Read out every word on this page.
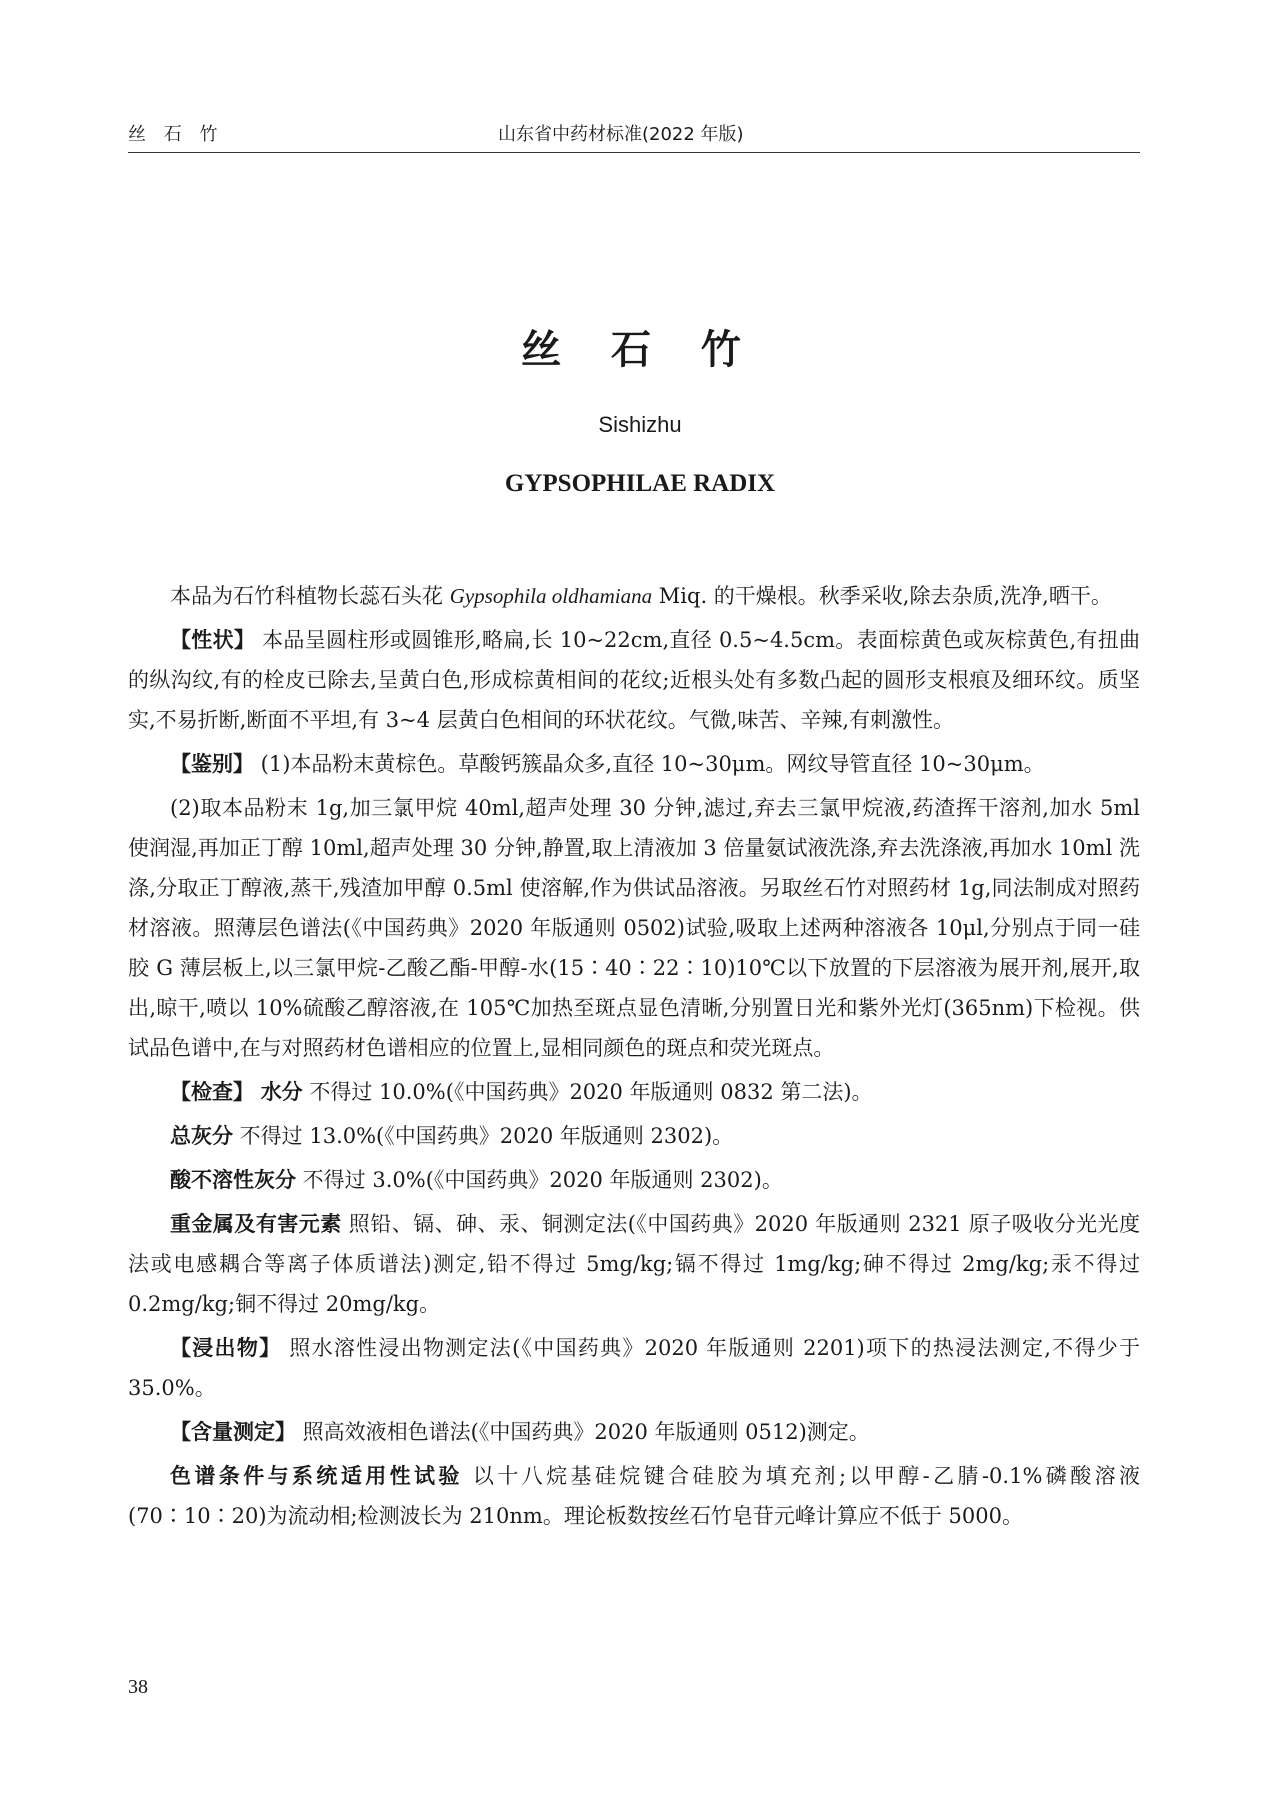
丝 石 竹	山东省中药材标准(2022 年版)
丝 石 竹
Sishizhu
GYPSOPHILAE RADIX

本品为石竹科植物长蕊石头花 Gypsophila oldhamiana Miq. 的干燥根。秋季采收,除去杂质,洗净,晒干。

【性状】 本品呈圆柱形或圆锥形,略扁,长 10~22cm,直径 0.5~4.5cm。表面棕黄色或灰棕黄色,有扭曲的纵沟纹,有的栓皮已除去,呈黄白色,形成棕黄相间的花纹;近根头处有多数凸起的圆形支根痕及细环纹。质坚实,不易折断,断面不平坦,有 3~4 层黄白色相间的环状花纹。气微,味苦、辛辣,有刺激性。

【鉴别】 (1)本品粉末黄棕色。草酸钙簇晶众多,直径 10~30μm。网纹导管直径 10~30μm。

(2)取本品粉末 1g,加三氯甲烷 40ml,超声处理 30 分钟,滤过,弃去三氯甲烷液,药渣挥干溶剂,加水 5ml 使润湿,再加正丁醇 10ml,超声处理 30 分钟,静置,取上清液加 3 倍量氨试液洗涤,弃去洗涤液,再加水 10ml 洗涤,分取正丁醇液,蒸干,残渣加甲醇 0.5ml 使溶解,作为供试品溶液。另取丝石竹对照药材 1g,同法制成对照药材溶液。照薄层色谱法(《中国药典》2020 年版通则 0502)试验,吸取上述两种溶液各 10μl,分别点于同一硅胶 G 薄层板上,以三氯甲烷-乙酸乙酯-甲醇-水(15∶40∶22∶10)10℃以下放置的下层溶液为展开剂,展开,取出,晾干,喷以 10%硫酸乙醇溶液,在 105℃加热至斑点显色清晰,分别置日光和紫外光灯(365nm)下检视。供试品色谱中,在与对照药材色谱相应的位置上,显相同颜色的斑点和荧光斑点。

【检查】 水分 不得过 10.0%(《中国药典》2020 年版通则 0832 第二法)。

总灰分 不得过 13.0%(《中国药典》2020 年版通则 2302)。

酸不溶性灰分 不得过 3.0%(《中国药典》2020 年版通则 2302)。

重金属及有害元素 照铅、镉、砷、汞、铜测定法(《中国药典》2020 年版通则 2321 原子吸收分光光度法或电感耦合等离子体质谱法)测定,铅不得过 5mg/kg;镉不得过 1mg/kg;砷不得过 2mg/kg;汞不得过 0.2mg/kg;铜不得过 20mg/kg。

【浸出物】 照水溶性浸出物测定法(《中国药典》2020 年版通则 2201)项下的热浸法测定,不得少于 35.0%。

【含量测定】 照高效液相色谱法(《中国药典》2020 年版通则 0512)测定。

色谱条件与系统适用性试验 以十八烷基硅烷键合硅胶为填充剂;以甲醇-乙腈-0.1%磷酸溶液(70∶10∶20)为流动相;检测波长为 210nm。理论板数按丝石竹皂苷元峰计算应不低于 5000。

38
